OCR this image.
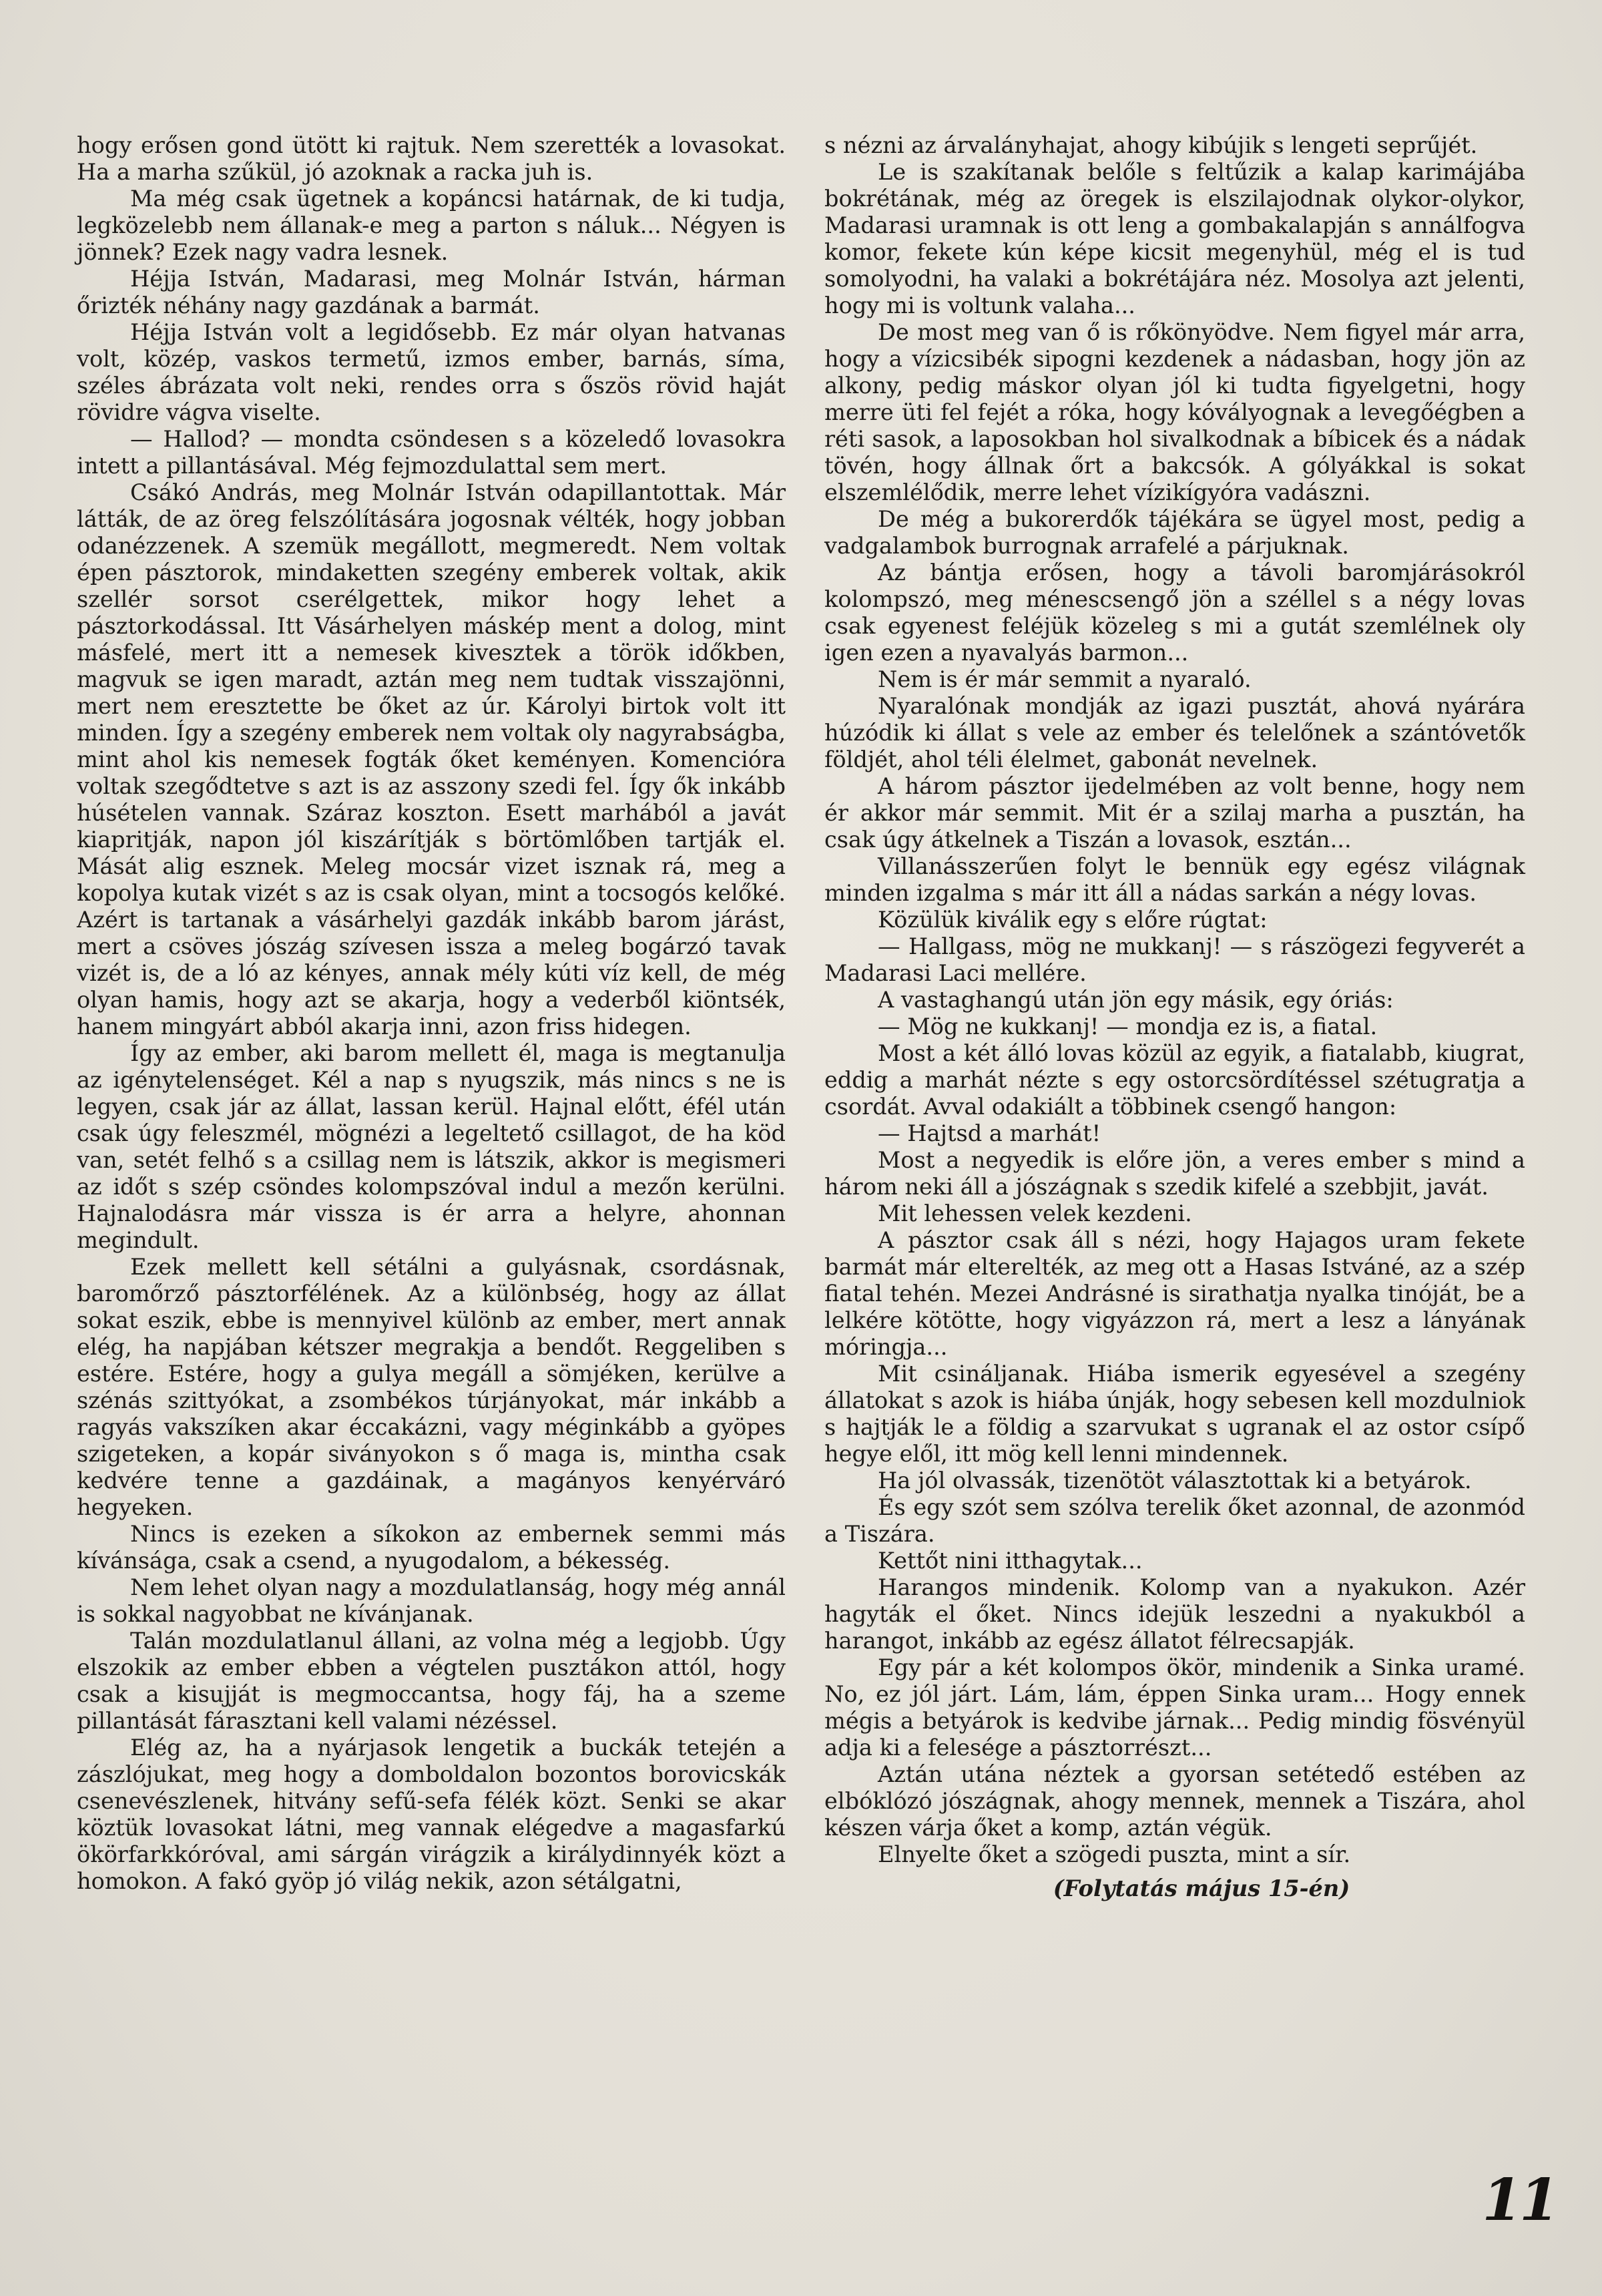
hogy erősen gond ütött ki rajtuk. Nem szerették a lovasokat. Ha a marha szűkül, jó azoknak a racka juh is.

Ma még csak ügetnek a kopáncsi határnak, de ki tudja, legközelebb nem állanak-e meg a parton s náluk... Négyen is jönnek? Ezek nagy vadra lesnek.

Héjja István, Madarasi, meg Molnár István, hárman őrizték néhány nagy gazdának a barmát.

Héjja István volt a legidősebb. Ez már olyan hatvanas volt, közép, vaskos termetű, izmos ember, barnás, síma, széles ábrázata volt neki, rendes orra s őszös rövid haját rövidre vágva viselte.

— Hallod? — mondta csöndesen s a közeledő lovasokra intett a pillantásával. Még fejmozdulattal sem mert.

Csákó András, meg Molnár István odapillantottak. Már látták, de az öreg felszólítására jogosnak vélték, hogy jobban odanézzenek. A szemük megállott, megmeredt. Nem voltak épen pásztorok, mindaketten szegény emberek voltak, akik szellér sorsot cserélgettek, mikor hogy lehet a pásztorkodással. Itt Vásárhelyen máskép ment a dolog, mint másfelé, mert itt a nemesek kivesztek a török időkben, magvuk se igen maradt, aztán meg nem tudtak visszajönni, mert nem eresztette be őket az úr. Károlyi birtok volt itt minden. Így a szegény emberek nem voltak oly nagyrabságba, mint ahol kis nemesek fogták őket keményen. Komencióra voltak szegődtetve s azt is az asszony szedi fel. Így ők inkább húsételen vannak. Száraz koszton. Esett marhából a javát kiapritják, napon jól kiszárítják s börtömlőben tartják el. Mását alig esznek. Meleg mocsár vizet isznak rá, meg a kopolya kutak vizét s az is csak olyan, mint a tocsogós kelőké. Azért is tartanak a vásárhelyi gazdák inkább barom járást, mert a csöves jószág szívesen issza a meleg bogárzó tavak vizét is, de a ló az kényes, annak mély kúti víz kell, de még olyan hamis, hogy azt se akarja, hogy a vederből kiöntsék, hanem mingyárt abból akarja inni, azon friss hidegen.

Így az ember, aki barom mellett él, maga is megtanulja az igénytelenséget. Kél a nap s nyugszik, más nincs s ne is legyen, csak jár az állat, lassan kerül. Hajnal előtt, éfél után csak úgy feleszmél, mögnézi a legeltető csillagot, de ha köd van, setét felhő s a csillag nem is látszik, akkor is megismeri az időt s szép csöndes kolompszóval indul a mezőn kerülni. Hajnalodásra már vissza is ér arra a helyre, ahonnan megindult.

Ezek mellett kell sétálni a gulyásnak, csordásnak, baromőrző pásztorfélének. Az a különbség, hogy az állat sokat eszik, ebbe is mennyivel különb az ember, mert annak elég, ha napjában kétszer megrakja a bendőt. Reggeliben s estére. Estére, hogy a gulya megáll a sömjéken, kerülve a szénás szittyókat, a zsombékos túrjányokat, már inkább a ragyás vakszíken akar éccakázni, vagy méginkább a gyöpes szigeteken, a kopár siványokon s ő maga is, mintha csak kedvére tenne a gazdáinak, a magányos kenyérváró hegyeken.

Nincs is ezeken a síkokon az embernek semmi más kívánsága, csak a csend, a nyugodalom, a békesség.

Nem lehet olyan nagy a mozdulatlanság, hogy még annál is sokkal nagyobbat ne kívánjanak.

Talán mozdulatlanul állani, az volna még a legjobb. Úgy elszokik az ember ebben a végtelen pusztákon attól, hogy csak a kisujját is megmoccantsa, hogy fáj, ha a szeme pillantását fárasztani kell valami nézéssel.

Elég az, ha a nyárjasok lengetik a buckák tetején a zászlójukat, meg hogy a domboldalon bozontos borovicskák csenevészlenek, hitvány sefű-sefa félék közt. Senki se akar köztük lovasokat látni, meg vannak elégedve a magasfarkú ökörfarkkóróval, ami sárgán virágzik a királydinnyék közt a homokon. A fakó gyöp jó világ nekik, azon sétálgatni,

s nézni az árvalányhajat, ahogy kibújik s lengeti seprűjét.

Le is szakítanak belőle s feltűzik a kalap karimájába bokrétának, még az öregek is elszilajodnak olykor-olykor, Madarasi uramnak is ott leng a gombakalapján s annálfogva komor, fekete kún képe kicsit megenyhül, még el is tud somolyodni, ha valaki a bokrétájára néz. Mosolya azt jelenti, hogy mi is voltunk valaha...

De most meg van ő is rőkönyödve. Nem figyel már arra, hogy a vízicsibék sipogni kezdenek a nádasban, hogy jön az alkony, pedig máskor olyan jól ki tudta figyelgetni, hogy merre üti fel fejét a róka, hogy kóvályognak a levegőégben a réti sasok, a laposokban hol sivalkodnak a bíbicek és a nádak tövén, hogy állnak őrt a bakcsók. A gólyákkal is sokat elszemlélődik, merre lehet vízikígyóra vadászni.

De még a bukorerdők tájékára se ügyel most, pedig a vadgalambok burrognak arrafelé a párjuknak.

Az bántja erősen, hogy a távoli baromjárásokról kolompszó, meg ménescsengő jön a széllel s a négy lovas csak egyenest feléjük közeleg s mi a gutát szemlélnek oly igen ezen a nyavalyás barmon...

Nem is ér már semmit a nyaraló.

Nyaralónak mondják az igazi pusztát, ahová nyárára húzódik ki állat s vele az ember és telelőnek a szántóvetők földjét, ahol téli élelmet, gabonát nevelnek.

A három pásztor ijedelmében az volt benne, hogy nem ér akkor már semmit. Mit ér a szilaj marha a pusztán, ha csak úgy átkelnek a Tiszán a lovasok, esztán...

Villanásszerűen folyt le bennük egy egész világnak minden izgalma s már itt áll a nádas sarkán a négy lovas.

Közülük kiválik egy s előre rúgtat:

— Hallgass, mög ne mukkanj! — s rászögezi fegyverét a Madarasi Laci mellére.

A vastaghangú után jön egy másik, egy óriás:

— Mög ne kukkanj! — mondja ez is, a fiatal.

Most a két álló lovas közül az egyik, a fiatalabb, kiugrat, eddig a marhát nézte s egy ostorcsördítéssel szétugratja a csordát. Avval odakiált a többinek csengő hangon:

— Hajtsd a marhát!

Most a negyedik is előre jön, a veres ember s mind a három neki áll a jószágnak s szedik kifelé a szebbjit, javát.

Mit lehessen velek kezdeni.

A pásztor csak áll s nézi, hogy Hajagos uram fekete barmát már elterelték, az meg ott a Hasas Istváné, az a szép fiatal tehén. Mezei Andrásné is sirathatja nyalka tinóját, be a lelkére kötötte, hogy vigyázzon rá, mert a lesz a lányának móringja...

Mit csinálјanak. Hiába ismerik egyesével a szegény állatokat s azok is hiába únják, hogy sebesen kell mozdulniok s hajtják le a földig a szarvukat s ugranak el az ostor csípő hegye elől, itt mög kell lenni mindennek.

Ha jól olvassák, tizenötöt választottak ki a betyárok.

És egy szót sem szólva terelik őket azonnal, de azonmód a Tiszára.

Kettőt nini itthagytak...

Harangos mindenik. Kolomp van a nyakukon. Azér hagyták el őket. Nincs idejük leszedni a nyakukból a harangot, inkább az egész állatot félrecsapják.

Egy pár a két kolompos ökör, mindenik a Sinka uramé. No, ez jól járt. Lám, lám, éppen Sinka uram... Hogy ennek mégis a betyárok is kedvibe járnak... Pedig mindig fösvényül adja ki a felesége a pásztorrészt...

Aztán utána néztek a gyorsan setétedő estében az elbóklózó jószágnak, ahogy mennek, mennek a Tiszára, ahol készen várja őket a komp, aztán végük.

Elnyelte őket a szögedi puszta, mint a sír.

(Folytatás május 15-én)

11
